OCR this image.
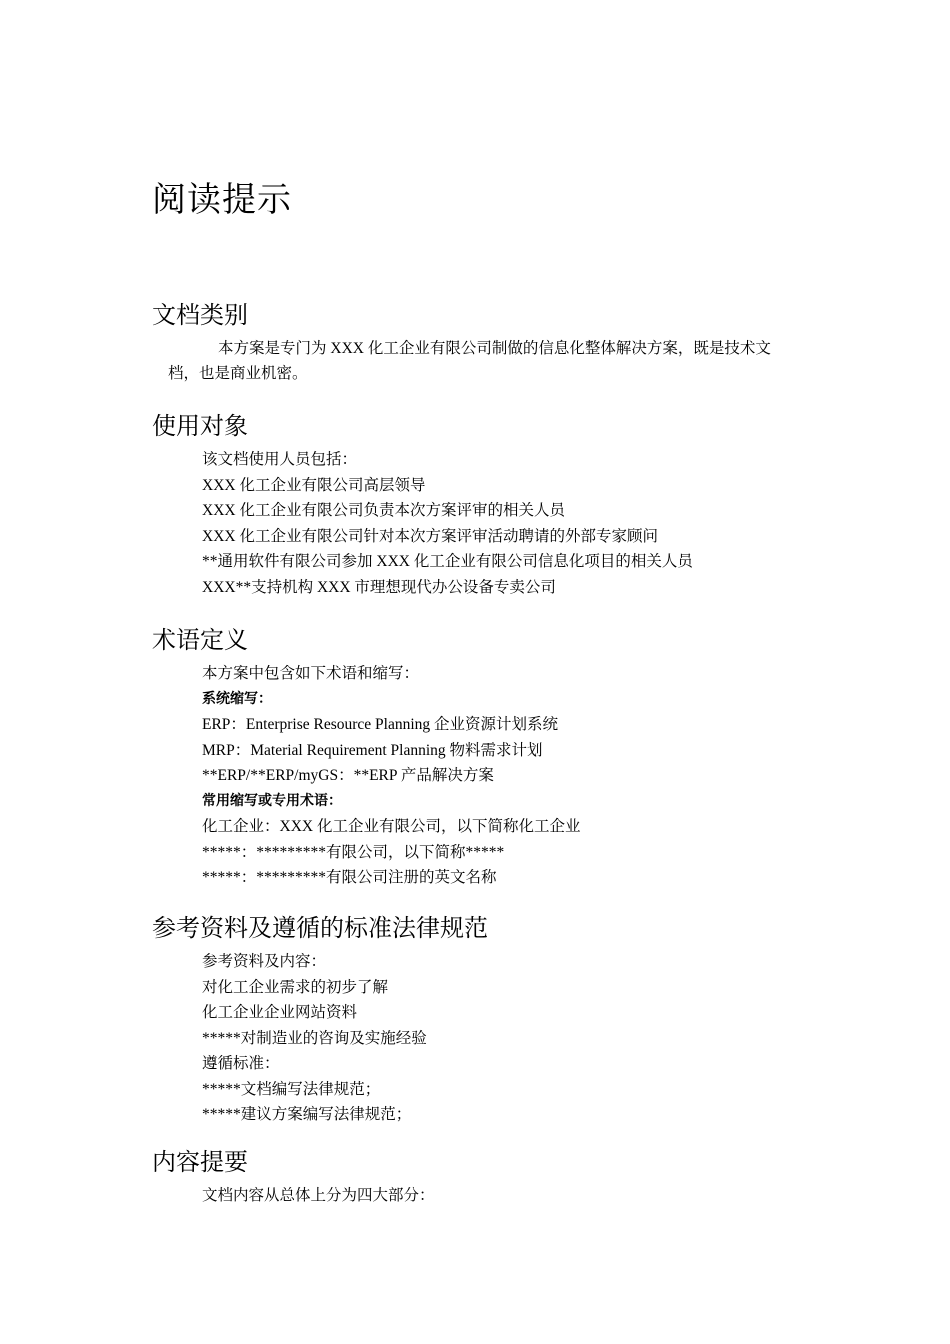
阅读提示
文档类别

本方案是专门为 XXX 化工企业有限公司制做的信息化整体解决方案，既是技术文

档，也是商业机密。
使用对象
该文档使用人员包括：
XXX 化工企业有限公司高层领导
XXX 化工企业有限公司负责本次方案评审的相关人员
XXX 化工企业有限公司针对本次方案评审活动聘请的外部专家顾问
**通用软件有限公司参加 XXX 化工企业有限公司信息化项目的相关人员
XXX**支持机构 XXX 市理想现代办公设备专卖公司
术语定义
本方案中包含如下术语和缩写：
系统缩写：
ERP：Enterprise Resource Planning 企业资源计划系统
MRP：Material Requirement Planning 物料需求计划
**ERP/**ERP/myGS：**ERP 产品解决方案
常用缩写或专用术语：
化工企业：XXX 化工企业有限公司，以下简称化工企业
*****：*********有限公司，以下简称*****
*****：*********有限公司注册的英文名称
参考资料及遵循的标准法律规范
参考资料及内容：
对化工企业需求的初步了解
化工企业企业网站资料
*****对制造业的咨询及实施经验
遵循标准：
*****文档编写法律规范；
*****建议方案编写法律规范；
内容提要
文档内容从总体上分为四大部分：
